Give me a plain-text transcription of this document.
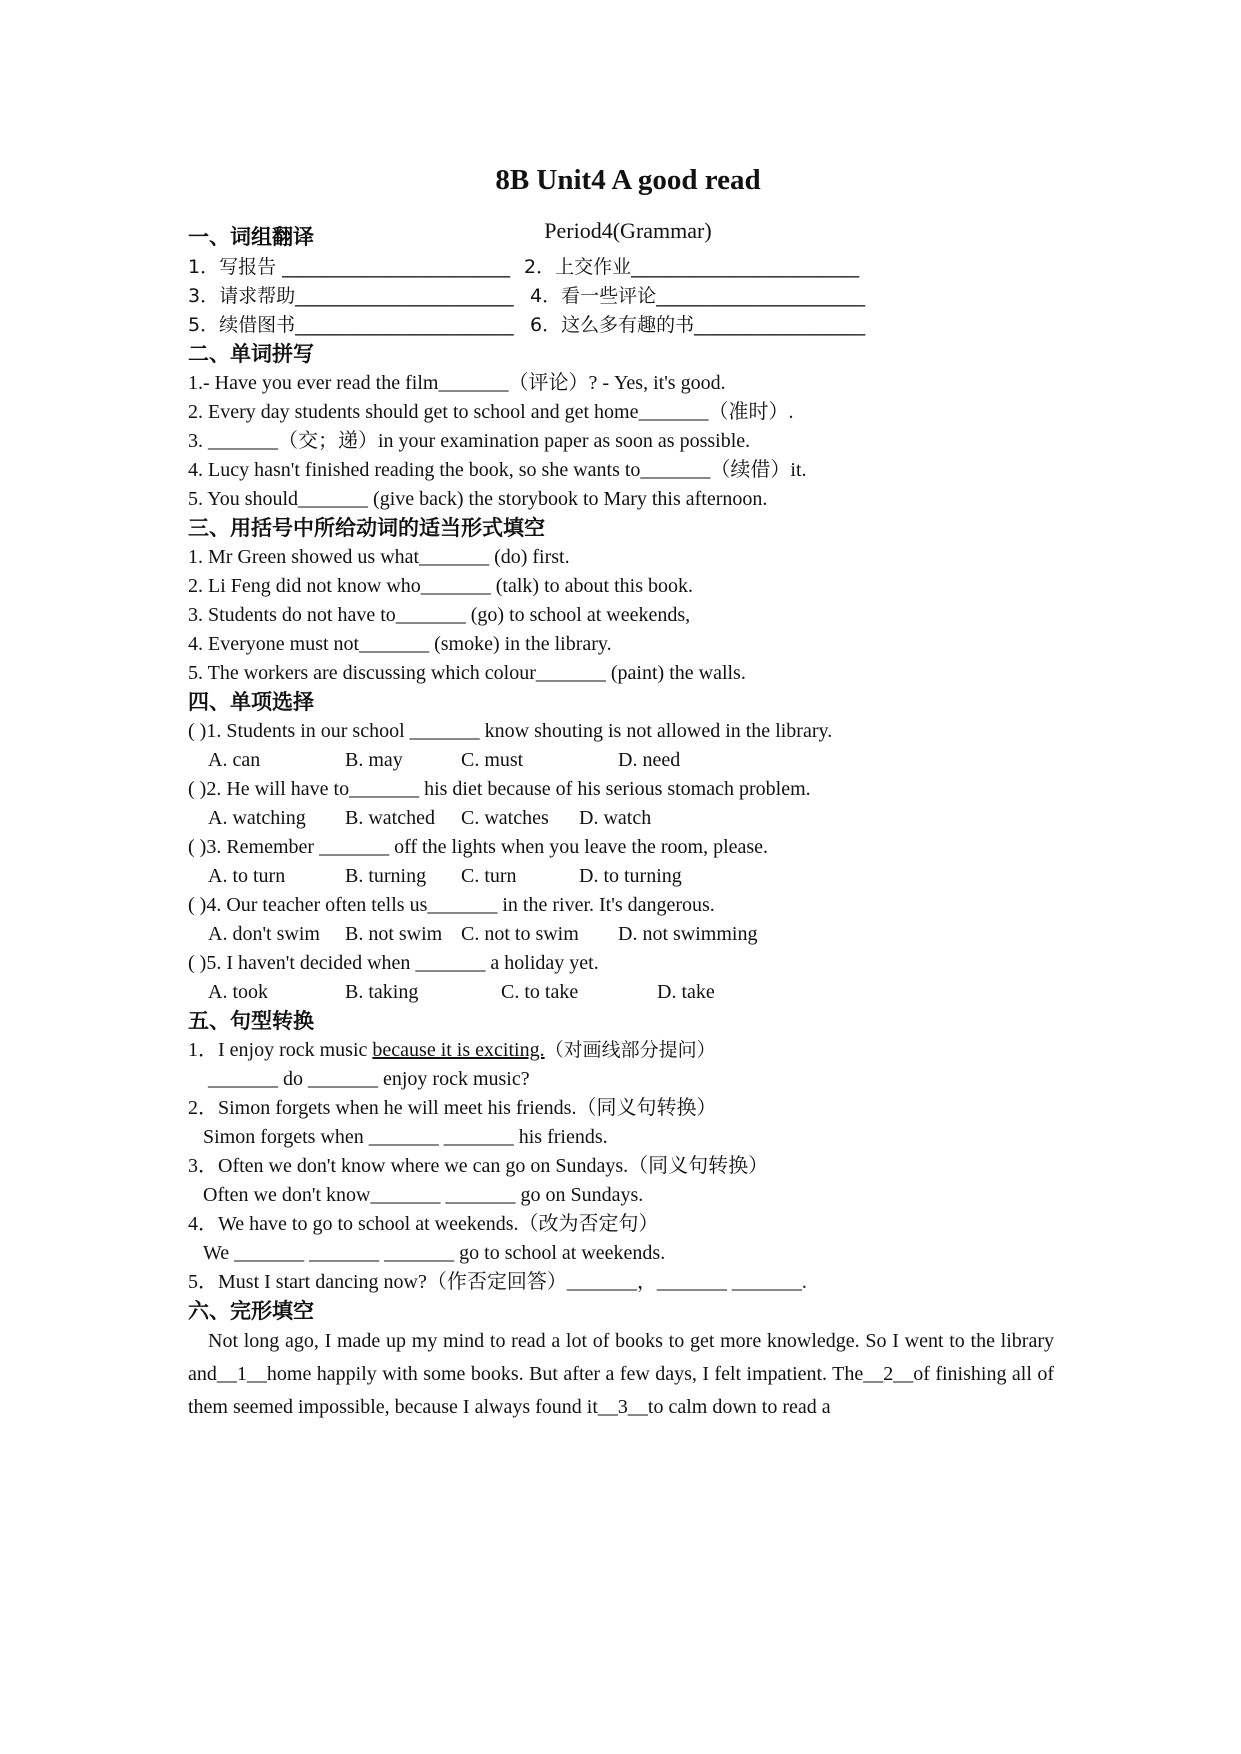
8B Unit4 A good read
Period4(Grammar)
一、词组翻译
1．写报告 ________________________ 2．上交作业________________________
3．请求帮助_______________________ 4．看一些评论______________________
5．续借图书_______________________ 6．这么多有趣的书__________________
二、单词拼写
1.- Have you ever read the film_______（评论）? - Yes, it's good.
2. Every day students should get to school and get home_______（准时）.
3. _______（交；递）in your examination paper as soon as possible.
4. Lucy hasn't finished reading the book, so she wants to_______（续借）it.
5. You should_______ (give back) the storybook to Mary this afternoon.
三、用括号中所给动词的适当形式填空
1. Mr Green showed us what_______ (do) first.
2. Li Feng did not know who_______ (talk) to about this book.
3. Students do not have to_______ (go) to school at weekends,
4. Everyone must not_______ (smoke) in the library.
5. The workers are discussing which colour_______ (paint) the walls.
四、单项选择
( )1. Students in our school _______ know shouting is not allowed in the library.
A. can	B. may	C. must	D. need
( )2. He will have to_______ his diet because of his serious stomach problem.
A. watching B. watched C. watches D. watch
( )3. Remember _______ off the lights when you leave the room, please.
A. to turn	B. turning C. turn	D. to turning
( )4. Our teacher often tells us_______ in the river. It's dangerous.
A. don't swim B. not swim C. not to swim D. not swimming
( )5. I haven't decided when _______ a holiday yet.
A. took	B. taking	C. to take	D. take
五、句型转换
1．I enjoy rock music because it is exciting.（对画线部分提问）
_______ do _______ enjoy rock music?
2．Simon forgets when he will meet his friends.（同义句转换）
Simon forgets when _______ _______ his friends.
3．Often we don't know where we can go on Sundays.（同义句转换）
Often we don't know_______ _______ go on Sundays.
4．We have to go to school at weekends.（改为否定句）
We _______ _______ _______ go to school at weekends.
5．Must I start dancing now?（作否定回答）_______，_______ _______.
六、完形填空
Not long ago, I made up my mind to read a lot of books to get more knowledge. So I went to the library and__1__home happily with some books. But after a few days, I felt impatient. The__2__of finishing all of them seemed impossible, because I always found it__3__to calm down to read a
